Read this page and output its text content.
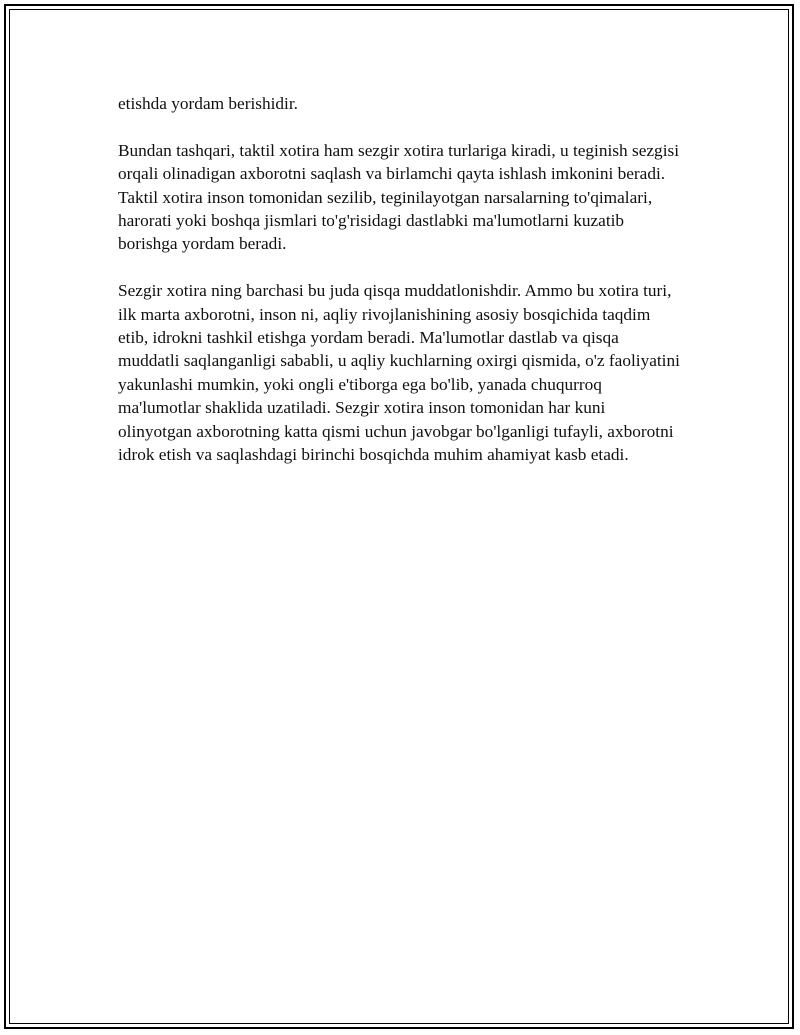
etishda yordam berishidir.

Bundan tashqari, taktil xotira ham sezgir xotira turlariga kiradi, u teginish sezgisi orqali olinadigan axborotni saqlash va birlamchi qayta ishlash imkonini beradi. Taktil xotira inson tomonidan sezilib, teginilayotgan narsalarning to'qimalari, harorati yoki boshqa jismlari to'g'risidagi dastlabki ma'lumotlarni kuzatib borishga yordam beradi.

Sezgir xotira ning barchasi bu juda qisqa muddatlonishdir. Ammo bu xotira turi, ilk marta axborotni, inson ni, aqliy rivojlanishining asosiy bosqichida taqdim etib, idrokni tashkil etishga yordam beradi. Ma'lumotlar dastlab va qisqa muddatli saqlanganligi sababli, u aqliy kuchlarning oxirgi qismida, o'z faoliyatini yakunlashi mumkin, yoki ongli e'tiborga ega bo'lib, yanada chuqurroq ma'lumotlar shaklida uzatiladi. Sezgir xotira inson tomonidan har kuni olinyotgan axborotning katta qismi uchun javobgar bo'lganligi tufayli, axborotni idrok etish va saqlashdagi birinchi bosqichda muhim ahamiyat kasb etadi.
